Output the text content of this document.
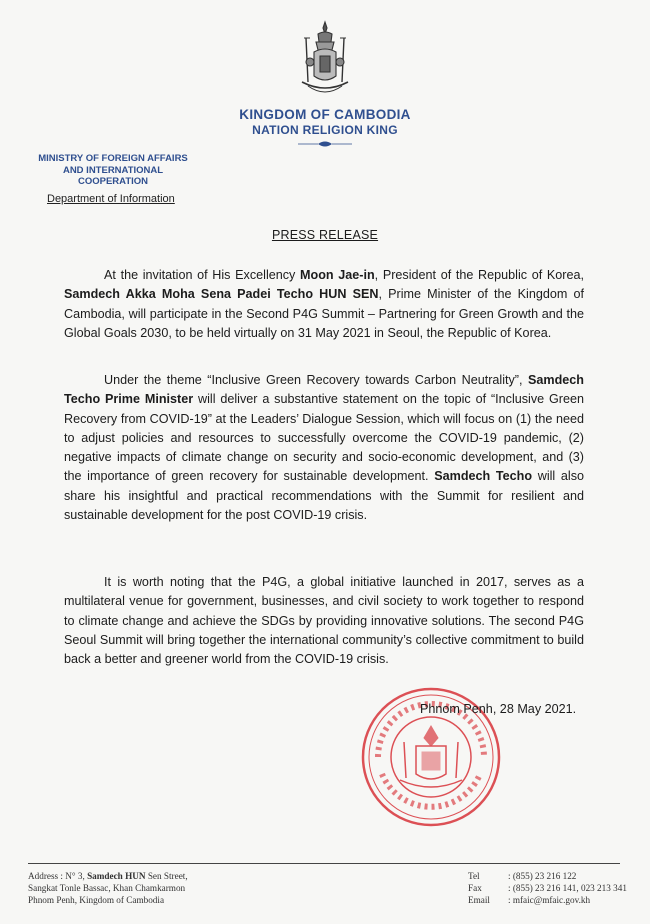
KINGDOM OF CAMBODIA
NATION RELIGION KING
MINISTRY OF FOREIGN AFFAIRS
AND INTERNATIONAL COOPERATION
Department of Information
PRESS RELEASE

At the invitation of His Excellency Moon Jae-in, President of the Republic of Korea, Samdech Akka Moha Sena Padei Techo HUN SEN, Prime Minister of the Kingdom of Cambodia, will participate in the Second P4G Summit – Partnering for Green Growth and the Global Goals 2030, to be held virtually on 31 May 2021 in Seoul, the Republic of Korea.

Under the theme “Inclusive Green Recovery towards Carbon Neutrality”, Samdech Techo Prime Minister will deliver a substantive statement on the topic of “Inclusive Green Recovery from COVID-19” at the Leaders’ Dialogue Session, which will focus on (1) the need to adjust policies and resources to successfully overcome the COVID-19 pandemic, (2) negative impacts of climate change on security and socio-economic development, and (3) the importance of green recovery for sustainable development. Samdech Techo will also share his insightful and practical recommendations with the Summit for resilient and sustainable development for the post COVID-19 crisis.

It is worth noting that the P4G, a global initiative launched in 2017, serves as a multilateral venue for government, businesses, and civil society to work together to respond to climate change and achieve the SDGs by providing innovative solutions. The second P4G Seoul Summit will bring together the international community’s collective commitment to build back a better and greener world from the COVID-19 crisis.

Phnom Penh, 28 May 2021.
Address : N° 3, Samdech HUN Sen Street,
Sangkat Tonle Bassac, Khan Chamkarmon
Phnom Penh, Kingdom of Cambodia
Tel	: (855) 23 216 122
Fax	: (855) 23 216 141, 023 213 341
Email	: mfaic@mfaic.gov.kh
